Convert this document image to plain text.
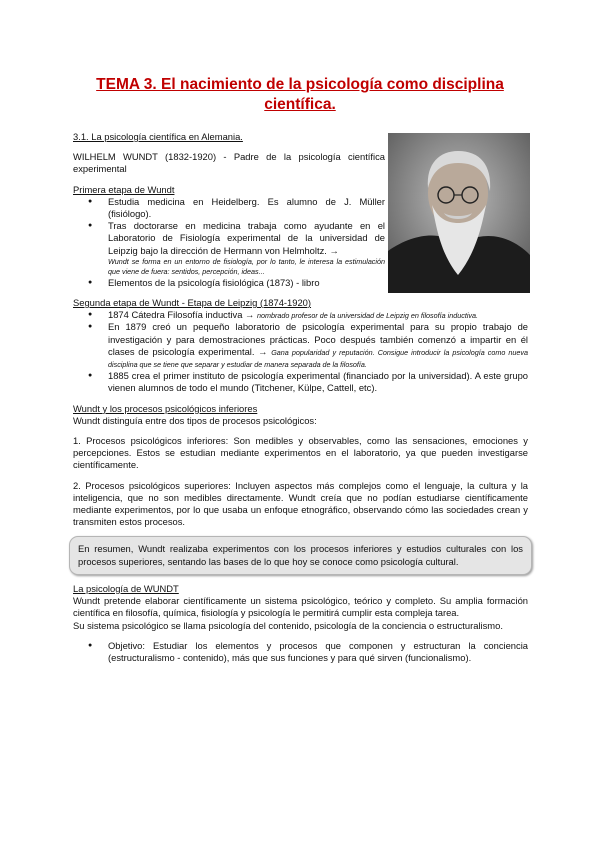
TEMA 3. El nacimiento de la psicología como disciplina científica.

3.1. La psicología científica en Alemania.

WILHELM WUNDT (1832-1920) - Padre de la psicología científica experimental

Primera etapa de Wundt

● Estudia medicina en Heidelberg. Es alumno de J. Müller (fisiólogo).
● Tras doctorarse en medicina trabaja como ayudante en el Laboratorio de Fisiología experimental de la universidad de Leipzig bajo la dirección de Hermann von Helmholtz. →
Wundt se forma en un entorno de fisiología, por lo tanto, le interesa la estimulación que viene de fuera: sentidos, percepción, ideas...
● Elementos de la psicología fisiológica (1873) - libro

Segunda etapa de Wundt - Etapa de Leipzig (1874-1920)

● 1874 Cátedra Filosofía inductiva → nombrado profesor de la universidad de Leipzig en filosofía inductiva.
● En 1879 creó un pequeño laboratorio de psicología experimental para su propio trabajo de investigación y para demostraciones prácticas. Poco después también comenzó a impartir en él clases de psicología experimental. → Gana popularidad y reputación. Consigue introducir la psicología como nueva disciplina que se tiene que separar y estudiar de manera separada de la filosofía.
● 1885 crea el primer instituto de psicología experimental (financiado por la universidad). A este grupo vienen alumnos de todo el mundo (Titchener, Külpe, Cattell, etc).

Wundt y los procesos psicológicos inferiores

Wundt distinguía entre dos tipos de procesos psicológicos:

1. Procesos psicológicos inferiores: Son medibles y observables, como las sensaciones, emociones y percepciones. Estos se estudian mediante experimentos en el laboratorio, ya que pueden investigarse científicamente.

2. Procesos psicológicos superiores: Incluyen aspectos más complejos como el lenguaje, la cultura y la inteligencia, que no son medibles directamente. Wundt creía que no podían estudiarse científicamente mediante experimentos, por lo que usaba un enfoque etnográfico, observando cómo las sociedades crean y transmiten estos procesos.

En resumen, Wundt realizaba experimentos con los procesos inferiores y estudios culturales con los procesos superiores, sentando las bases de lo que hoy se conoce como psicología cultural.

La psicología de WUNDT

Wundt pretende elaborar científicamente un sistema psicológico, teórico y completo. Su amplia formación científica en filosofía, química, fisiología y psicología le permitirá cumplir esta compleja tarea.

Su sistema psicológico se llama psicología del contenido, psicología de la conciencia o estructuralismo.

● Objetivo: Estudiar los elementos y procesos que componen y estructuran la conciencia (estructuralismo - contenido), más que sus funciones y para qué sirven (funcionalismo).
